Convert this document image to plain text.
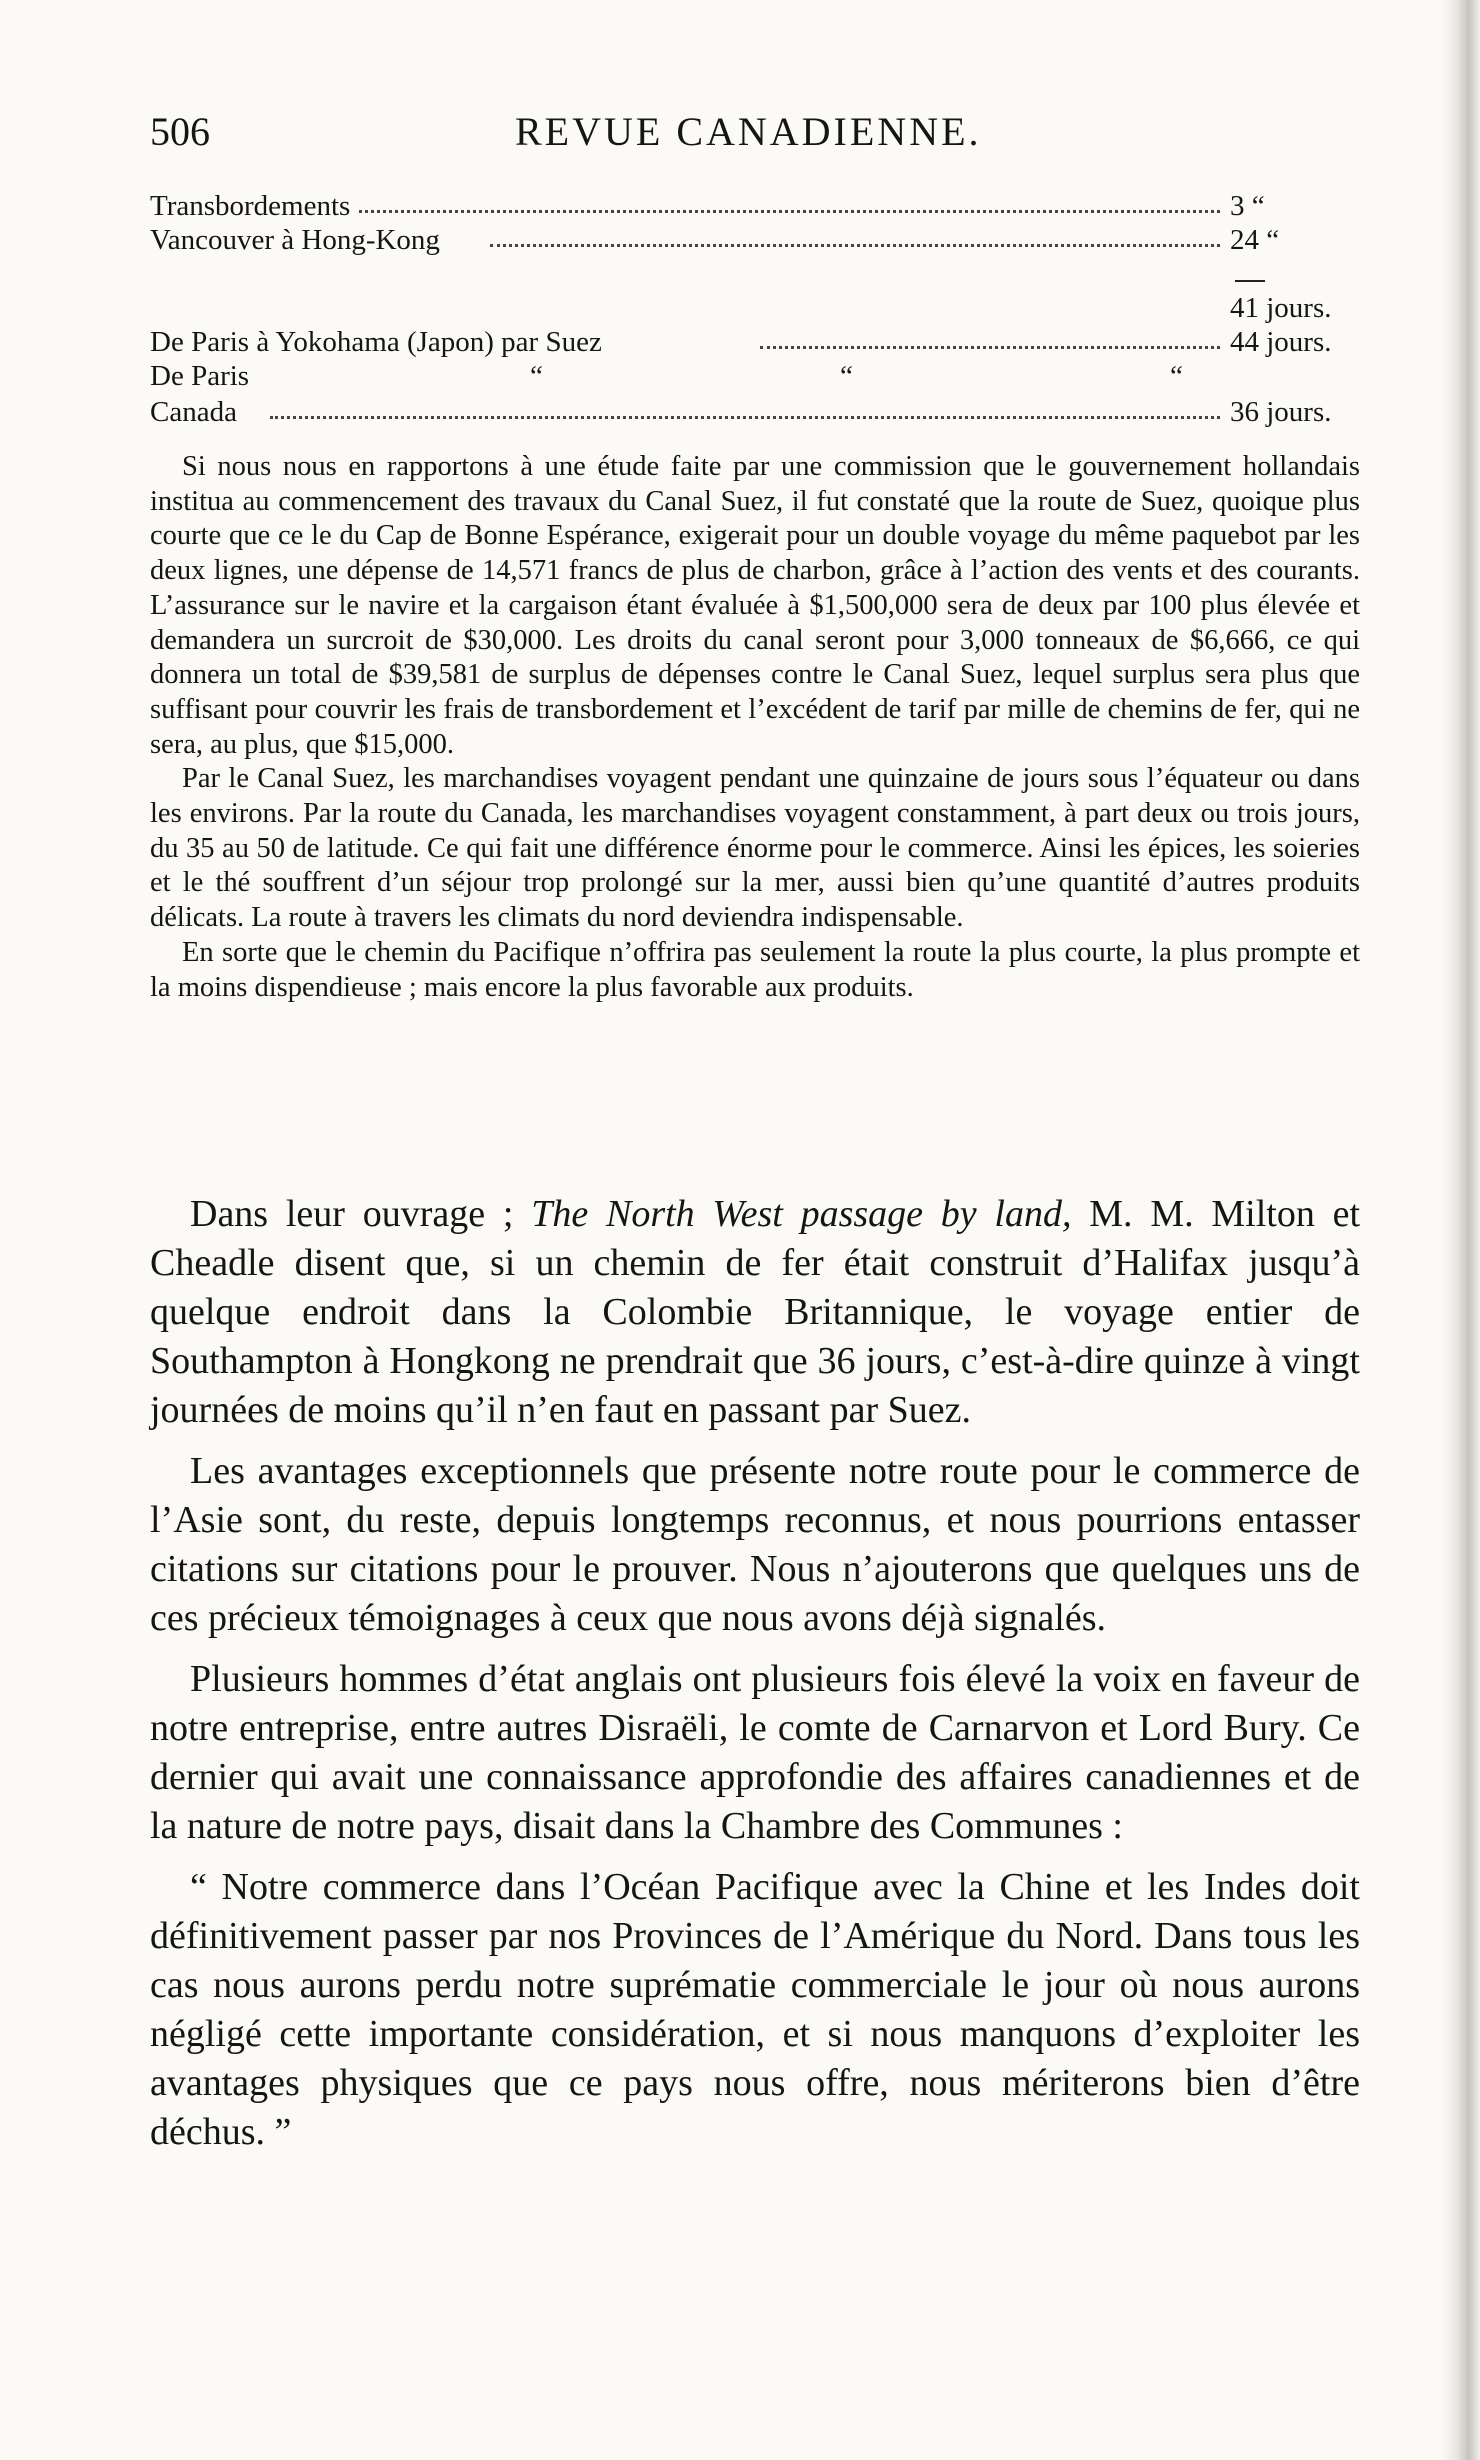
506	REVUE CANADIENNE.
Transbordements	3 “
Vancouver à Hong-Kong	24 “
41 jours.
De Paris à Yokohama (Japon) par Suez	44 jours.
De Paris	“	“	“
Canada	36 jours.

Si nous nous en rapportons à une étude faite par une commission que le gouvernement hollandais institua au commencement des travaux du Canal Suez, il fut constaté que la route de Suez, quoique plus courte que ce le du Cap de Bonne Espérance, exigerait pour un double voyage du même paquebot par les deux lignes, une dépense de 14,571 francs de plus de charbon, grâce à l’action des vents et des courants. L’assurance sur le navire et la cargaison étant évaluée à $1,500,000 sera de deux par 100 plus élevée et demandera un surcroit de $30,000. Les droits du canal seront pour 3,000 tonneaux de $6,666, ce qui donnera un total de $39,581 de surplus de dépenses contre le Canal Suez, lequel surplus sera plus que suffisant pour couvrir les frais de transbordement et l’excédent de tarif par mille de chemins de fer, qui ne sera, au plus, que $15,000.

Par le Canal Suez, les marchandises voyagent pendant une quinzaine de jours sous l’équateur ou dans les environs. Par la route du Canada, les marchandises voyagent constamment, à part deux ou trois jours, du 35 au 50 de latitude. Ce qui fait une différence énorme pour le commerce. Ainsi les épices, les soieries et le thé souffrent d’un séjour trop prolongé sur la mer, aussi bien qu’une quantité d’autres produits délicats. La route à travers les climats du nord deviendra indispensable.

En sorte que le chemin du Pacifique n’offrira pas seulement la route la plus courte, la plus prompte et la moins dispendieuse ; mais encore la plus favorable aux produits.

Dans leur ouvrage ; The North West passage by land, M. M. Milton et Cheadle disent que, si un chemin de fer était construit d’Halifax jusqu’à quelque endroit dans la Colombie Britannique, le voyage entier de Southampton à Hongkong ne prendrait que 36 jours, c’est-à-dire quinze à vingt journées de moins qu’il n’en faut en passant par Suez.

Les avantages exceptionnels que présente notre route pour le commerce de l’Asie sont, du reste, depuis longtemps reconnus, et nous pourrions entasser citations sur citations pour le prouver. Nous n’ajouterons que quelques uns de ces précieux témoignages à ceux que nous avons déjà signalés.

Plusieurs hommes d’état anglais ont plusieurs fois élevé la voix en faveur de notre entreprise, entre autres Disraëli, le comte de Carnarvon et Lord Bury. Ce dernier qui avait une connaissance approfondie des affaires canadiennes et de la nature de notre pays, disait dans la Chambre des Communes :

“ Notre commerce dans l’Océan Pacifique avec la Chine et les Indes doit définitivement passer par nos Provinces de l’Amérique du Nord. Dans tous les cas nous aurons perdu notre suprématie commerciale le jour où nous aurons négligé cette importante considération, et si nous manquons d’exploiter les avantages physiques que ce pays nous offre, nous mériterons bien d’être déchus. ”
